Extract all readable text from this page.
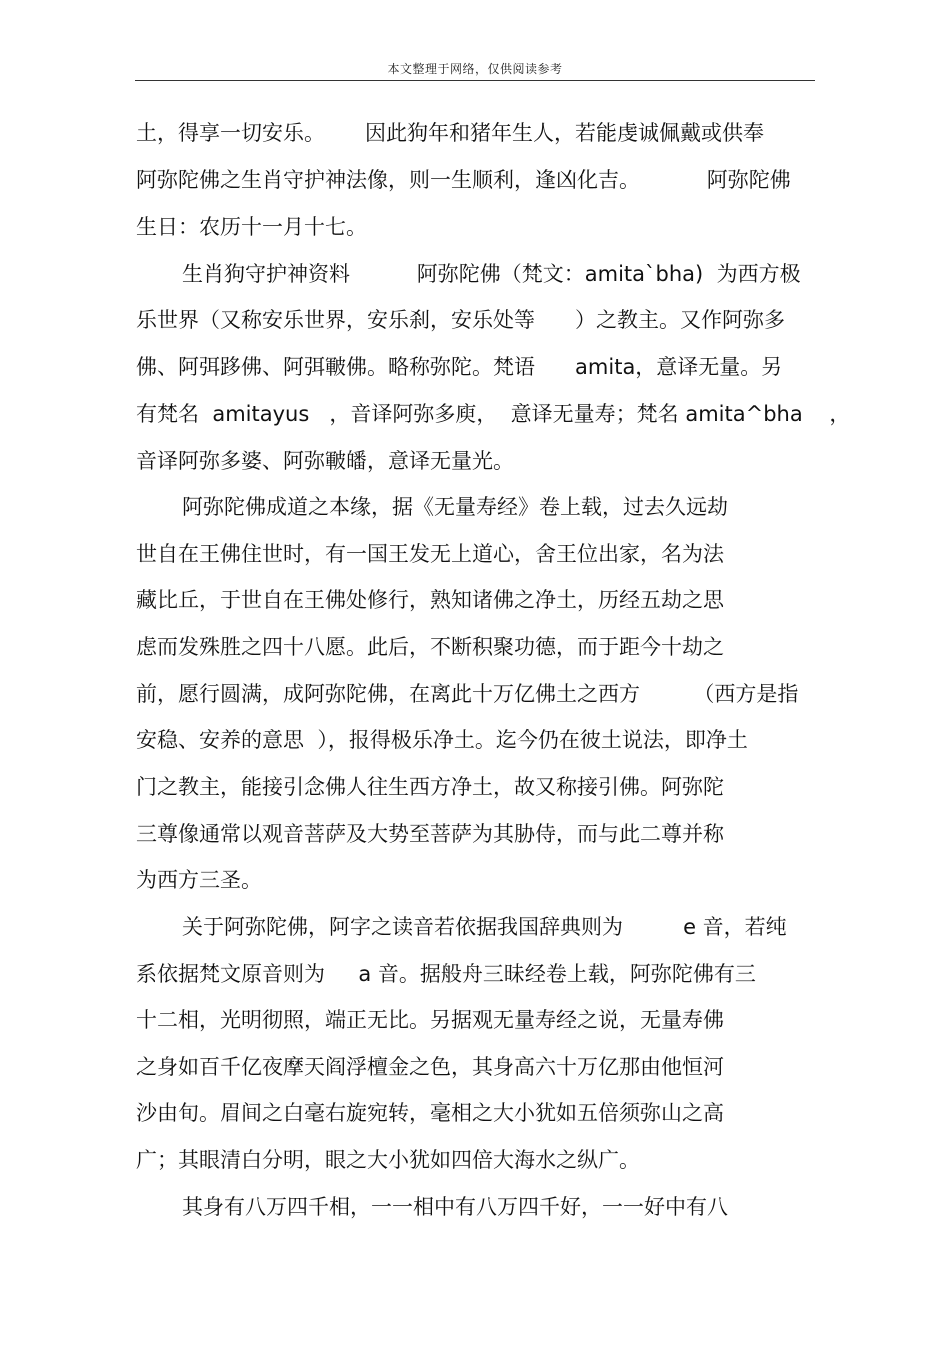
本文整理于网络，仅供阅读参考
土，得享一切安乐。      因此狗年和猪年生人，若能虔诚佩戴或供奉
阿弥陀佛之生肖守护神法像，则一生顺利，逢凶化吉。          阿弥陀佛
生日：农历十一月十七。
生肖狗守护神资料          阿弥陀佛（梵文：amita`bha)  为西方极
乐世界（又称安乐世界，安乐刹，安乐处等      ）之教主。又作阿弥多
佛、阿弭跢佛、阿弭皸佛。略称弥陀。梵语      amita，意译无量。另
有梵名  amitayus   ，音译阿弥多庾，  意译无量寿；梵名 amita^bha    ，
音译阿弥多婆、阿弥皸皤，意译无量光。
阿弥陀佛成道之本缘，据《无量寿经》卷上载，过去久远劫
世自在王佛住世时，有一国王发无上道心，舍王位出家，名为法
藏比丘，于世自在王佛处修行，熟知诸佛之净土，历经五劫之思
虑而发殊胜之四十八愿。此后，不断积聚功德，而于距今十劫之
前，愿行圆满，成阿弥陀佛，在离此十万亿佛土之西方        （西方是指
安稳、安养的意思  ），报得极乐净土。迄今仍在彼土说法，即净土
门之教主，能接引念佛人往生西方净土，故又称接引佛。阿弥陀
三尊像通常以观音菩萨及大势至菩萨为其胁侍，而与此二尊并称
为西方三圣。
关于阿弥陀佛，阿字之读音若依据我国辞典则为         e 音，若纯
系依据梵文原音则为     a 音。据般舟三昧经卷上载，阿弥陀佛有三
十二相，光明彻照，端正无比。另据观无量寿经之说，无量寿佛
之身如百千亿夜摩天阎浮檀金之色，其身高六十万亿那由他恒河
沙由旬。眉间之白毫右旋宛转，毫相之大小犹如五倍须弥山之高
广；其眼清白分明，眼之大小犹如四倍大海水之纵广。
其身有八万四千相，一一相中有八万四千好，一一好中有八
